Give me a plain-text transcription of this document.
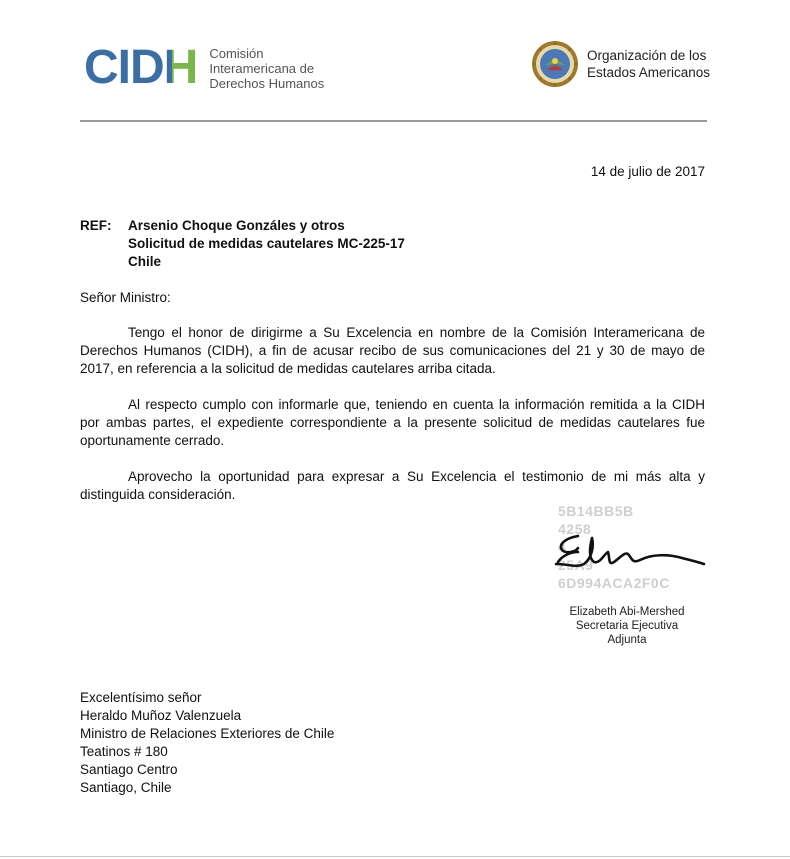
CIDH Comisión
Interamericana de
Derechos Humanos
Organización de los
Estados Americanos
14 de julio de 2017
REF: Arsenio Choque Gonzáles y otros
Solicitud de medidas cautelares MC-225-17
Chile
Señor Ministro:

Tengo el honor de dirigirme a Su Excelencia en nombre de la Comisión Interamericana de Derechos Humanos (CIDH), a fin de acusar recibo de sus comunicaciones del 21 y 30 de mayo de 2017, en referencia a la solicitud de medidas cautelares arriba citada.

Al respecto cumplo con informarle que, teniendo en cuenta la información remitida a la CIDH por ambas partes, el expediente correspondiente a la presente solicitud de medidas cautelares fue oportunamente cerrado.

Aprovecho la oportunidad para expresar a Su Excelencia el testimonio de mi más alta y distinguida consideración.

5B14BB5B
4258
4
25A9
6D994ACA2F0C
Elizabeth Abi-Mershed
Secretaria Ejecutiva
Adjunta
Excelentísimo señor
Heraldo Muñoz Valenzuela
Ministro de Relaciones Exteriores de Chile
Teatinos # 180
Santiago Centro
Santiago, Chile
